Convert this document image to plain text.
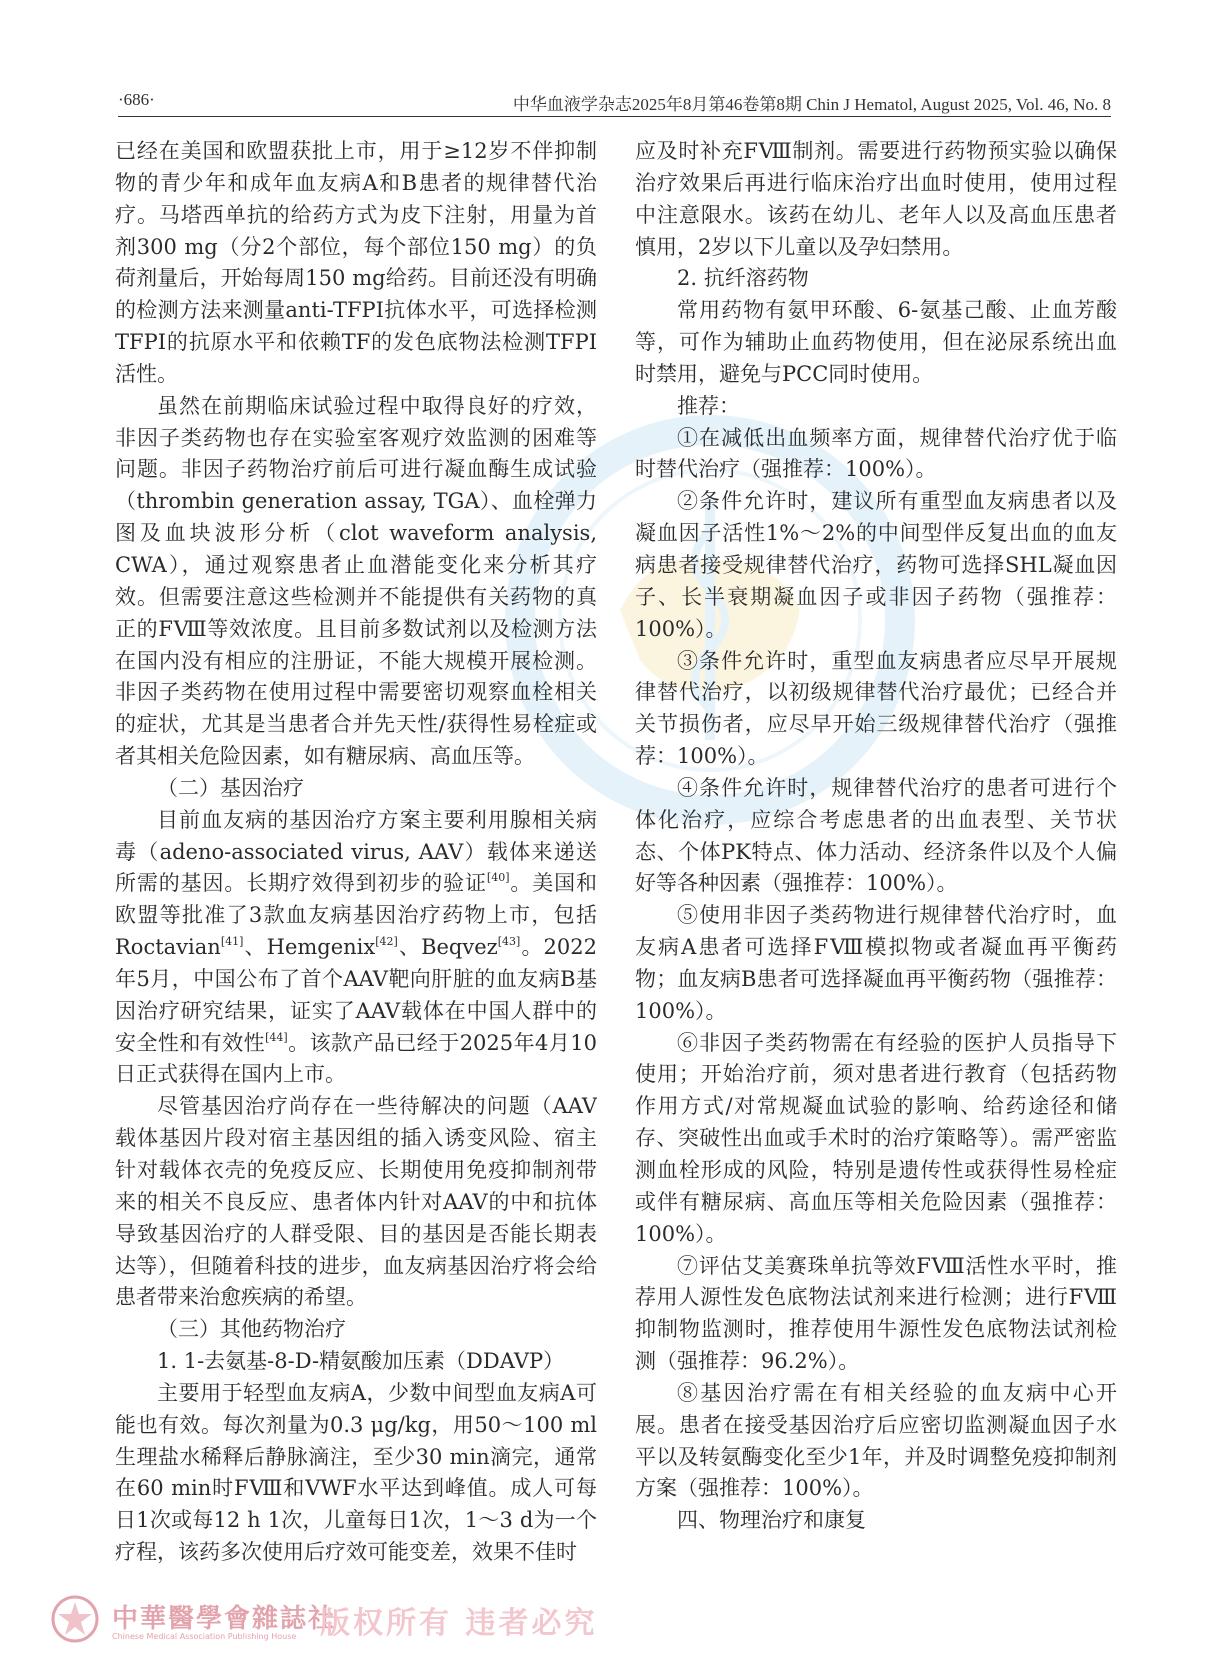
·686·	中华血液学杂志2025年8月第46卷第8期 Chin J Hematol, August 2025, Vol. 46, No. 8

已经在美国和欧盟获批上市，用于≥12岁不伴抑制物的青少年和成年血友病A和B患者的规律替代治疗。马塔西单抗的给药方式为皮下注射，用量为首剂300 mg（分2个部位，每个部位150 mg）的负荷剂量后，开始每周150 mg给药。目前还没有明确的检测方法来测量anti-TFPI抗体水平，可选择检测TFPI的抗原水平和依赖TF的发色底物法检测TFPI活性。

虽然在前期临床试验过程中取得良好的疗效，非因子类药物也存在实验室客观疗效监测的困难等问题。非因子药物治疗前后可进行凝血酶生成试验（thrombin generation assay, TGA）、血栓弹力图及血块波形分析（clot waveform analysis, CWA），通过观察患者止血潜能变化来分析其疗效。但需要注意这些检测并不能提供有关药物的真正的FⅧ等效浓度。且目前多数试剂以及检测方法在国内没有相应的注册证，不能大规模开展检测。非因子类药物在使用过程中需要密切观察血栓相关的症状，尤其是当患者合并先天性/获得性易栓症或者其相关危险因素，如有糖尿病、高血压等。

（二）基因治疗

目前血友病的基因治疗方案主要利用腺相关病毒（adeno-associated virus, AAV）载体来递送所需的基因。长期疗效得到初步的验证[40]。美国和欧盟等批准了3款血友病基因治疗药物上市，包括Roctavian[41]、Hemgenix[42]、Beqvez[43]。2022年5月，中国公布了首个AAV靶向肝脏的血友病B基因治疗研究结果，证实了AAV载体在中国人群中的安全性和有效性[44]。该款产品已经于2025年4月10日正式获得在国内上市。

尽管基因治疗尚存在一些待解决的问题（AAV载体基因片段对宿主基因组的插入诱变风险、宿主针对载体衣壳的免疫反应、长期使用免疫抑制剂带来的相关不良反应、患者体内针对AAV的中和抗体导致基因治疗的人群受限、目的基因是否能长期表达等），但随着科技的进步，血友病基因治疗将会给患者带来治愈疾病的希望。

（三）其他药物治疗

1. 1-去氨基-8-D-精氨酸加压素（DDAVP）

主要用于轻型血友病A，少数中间型血友病A可能也有效。每次剂量为0.3 μg/kg，用50～100 ml生理盐水稀释后静脉滴注，至少30 min滴完，通常在60 min时FⅧ和VWF水平达到峰值。成人可每日1次或每12 h 1次，儿童每日1次，1～3 d为一个疗程，该药多次使用后疗效可能变差，效果不佳时

应及时补充FⅧ制剂。需要进行药物预实验以确保治疗效果后再进行临床治疗出血时使用，使用过程中注意限水。该药在幼儿、老年人以及高血压患者慎用，2岁以下儿童以及孕妇禁用。

2. 抗纤溶药物

常用药物有氨甲环酸、6-氨基己酸、止血芳酸等，可作为辅助止血药物使用，但在泌尿系统出血时禁用，避免与PCC同时使用。

推荐：

①在减低出血频率方面，规律替代治疗优于临时替代治疗（强推荐：100%）。

②条件允许时，建议所有重型血友病患者以及凝血因子活性1%～2%的中间型伴反复出血的血友病患者接受规律替代治疗，药物可选择SHL凝血因子、长半衰期凝血因子或非因子药物（强推荐：100%）。

③条件允许时，重型血友病患者应尽早开展规律替代治疗，以初级规律替代治疗最优；已经合并关节损伤者，应尽早开始三级规律替代治疗（强推荐：100%）。

④条件允许时，规律替代治疗的患者可进行个体化治疗，应综合考虑患者的出血表型、关节状态、个体PK特点、体力活动、经济条件以及个人偏好等各种因素（强推荐：100%）。

⑤使用非因子类药物进行规律替代治疗时，血友病A患者可选择FⅧ模拟物或者凝血再平衡药物；血友病B患者可选择凝血再平衡药物（强推荐：100%）。

⑥非因子类药物需在有经验的医护人员指导下使用；开始治疗前，须对患者进行教育（包括药物作用方式/对常规凝血试验的影响、给药途径和储存、突破性出血或手术时的治疗策略等）。需严密监测血栓形成的风险，特别是遗传性或获得性易栓症或伴有糖尿病、高血压等相关危险因素（强推荐：100%）。

⑦评估艾美赛珠单抗等效FⅧ活性水平时，推荐用人源性发色底物法试剂来进行检测；进行FⅧ抑制物监测时，推荐使用牛源性发色底物法试剂检测（强推荐：96.2%）。

⑧基因治疗需在有相关经验的血友病中心开展。患者在接受基因治疗后应密切监测凝血因子水平以及转氨酶变化至少1年，并及时调整免疫抑制剂方案（强推荐：100%）。

四、物理治疗和康复

中華醫學會雜誌社
Chinese Medical Association Publishing House 版权所有 违者必究
